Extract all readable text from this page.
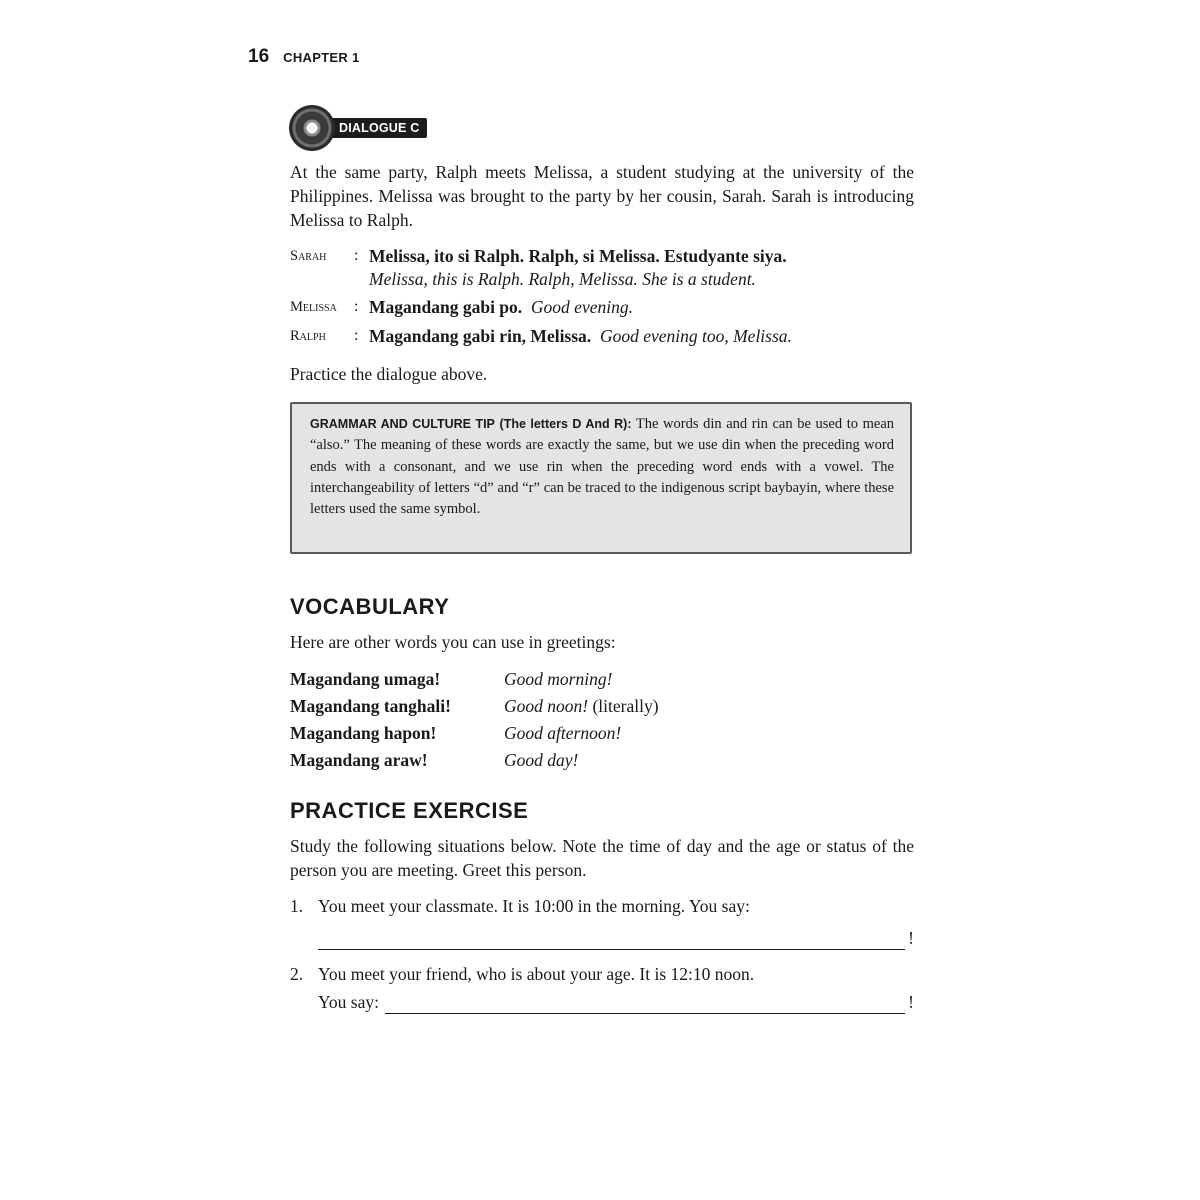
16 CHAPTER 1
DIALOGUE C

At the same party, Ralph meets Melissa, a student studying at the university of the Philippines. Melissa was brought to the party by her cousin, Sarah. Sarah is introducing Melissa to Ralph.

Sarah	: Melissa, ito si Ralph. Ralph, si Melissa. Estudyante siya.
Melissa, this is Ralph. Ralph, Melissa. She is a student.
Melissa	: Magandang gabi po. Good evening.
Ralph	: Magandang gabi rin, Melissa. Good evening too, Melissa.

Practice the dialogue above.

GRAMMAR AND CULTURE TIP (The letters D And R): The words din and rin can be used to mean “also.” The meaning of these words are exactly the same, but we use din when the preceding word ends with a consonant, and we use rin when the preceding word ends with a vowel. The interchangeability of letters “d” and “r” can be traced to the indigenous script baybayin, where these letters used the same symbol.
VOCABULARY

Here are other words you can use in greetings:

Magandang umaga!	Good morning!
Magandang tanghali!	Good noon! (literally)
Magandang hapon!	Good afternoon!
Magandang araw!	Good day!
PRACTICE EXERCISE

Study the following situations below. Note the time of day and the age or status of the person you are meeting. Greet this person.

1. You meet your classmate. It is 10:00 in the morning. You say:
!
2. You meet your friend, who is about your age. It is 12:10 noon.
You say:	!
